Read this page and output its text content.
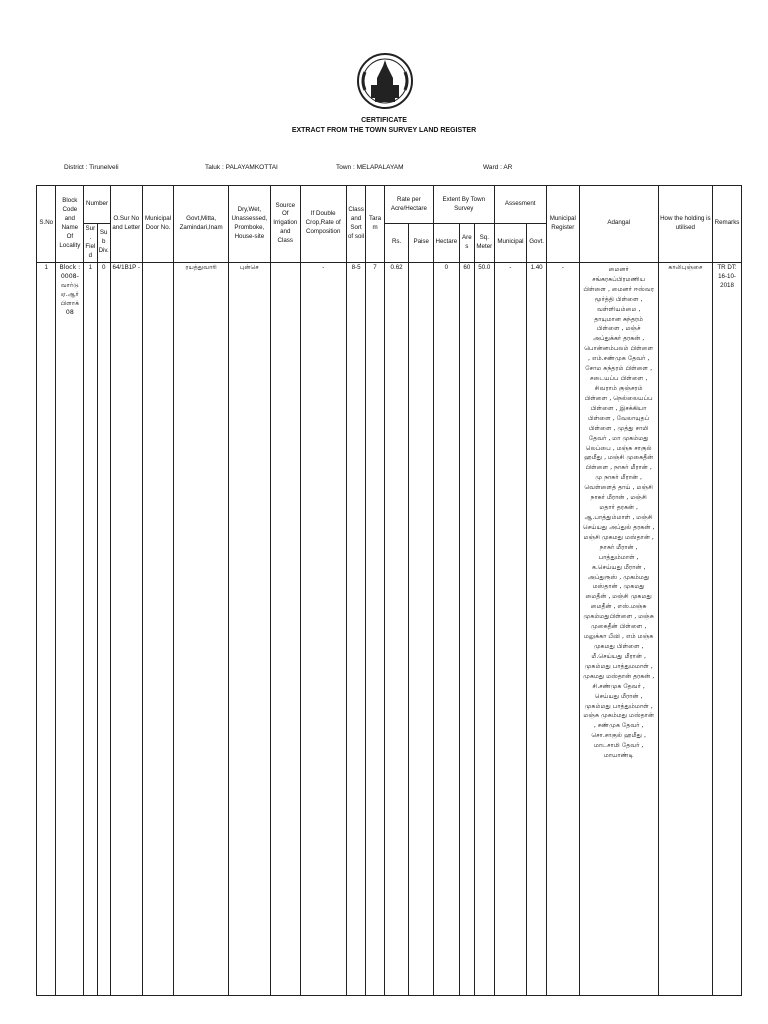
CERTIFICATE
EXTRACT FROM THE TOWN SURVEY LAND REGISTER
District : Tirunelveli	Taluk : PALAYAMKOTTAI	Town : MELAPALAYAM	Ward : AR
S.No	Block Code and Name Of Locality	Number		O.Sur No and Letter	Municipal Door No.	Govt,Mitta, Zamindari,Inam	Dry,Wet, Unassessed, Promboke, House-site	Source Of Irrigation and Class	If Double Crop,Rate of Composition	Class and Sort of soil	Taram	Rate per Acre/Hectare		Extent By Town Survey			Assesment		Municipal Register	Adangal	How the holding is utilised	Remarks
		Sur. Field	Sub Div.									Rs.	Paise	Hectare	Ares	Sq. Meter	Municipal	Govt.				
1	Block : 0008- வார்டு ஏ.ஆர் பிளாக் 08	1	0	64/1B1P -		ரயத்துவாரி	புன்செ		-	8-5	7	0.62		0	60	50.0	-	1.40	-	மைனர் சங்கரசுப்பிரமணிய பிள்ளை , மைனர் ஈஸ்வர மூர்த்தி பிள்ளை , வள்ளியம்மை , தாயுமான சுந்தரம் பிள்ளை , மஞ்ச் அப்துக்கர் தரகன் , பொன்னம்பலம் பிள்ளை , எம்.சண்முக தேவர் , சோம சுந்தரம் பிள்ளை , சடையப்ப பிள்ளை , சிவராம் குஞ்சரம் பிள்ளை , நெல்லையப்ப பிள்ளை , இசக்கியா பிள்ளை , வேலாயுதப் பிள்ளை , முத்து சாமி தேவர் , மா முகம்மது லெப்பை , மஞ்சு சாகுல் ஹமீது , மஞ்சி முகைதீன் பிள்ளை , நாசுர் மீரான் , மு நாசுர் மீரான் , வெள்ளைத் தாய் , மஞ்சி நாசுர் மீரான் , மஞ்சி மதார் தரகன் , ஆ.பாத்தும்மாள் , மஞ்சி செய்யது அப்துல் தரகன் , மஞ்சி முகமது மஸ்தான் , நாசுர் மீரான் , பாத்தும்மாள் , க.செய்யது மீரான் , அப்துரூஸ் , முகம்மது மஸ்தான் , முகமது மைதீன் , மஞ்சி முகமது மைதீன் , எஸ்.மஞ்சு முகம்மதுபிள்ளை , மஞ்சு முகைதீன் பிள்ளை , மலுக்கா பீவி , எம் மஞ்சு முகமது பிள்ளை , மீ.செய்யது மீரான் , முகம்மது பாத்துமமாள் , முகமது மஸ்தான் தரகன் , சி.சண்முக தேவர் , செய்யது மீரான் , முகம்மது பாத்தும்மாள் , மஞ்சு முகம்மது மஸ்தான் , சண்முக தேவர் , சொ.சாகுல் ஹமீது , மாடசாமி தேவர் , மாயாண்டி	காலிபுஞ்சை	TR DT: 16-10-2018
